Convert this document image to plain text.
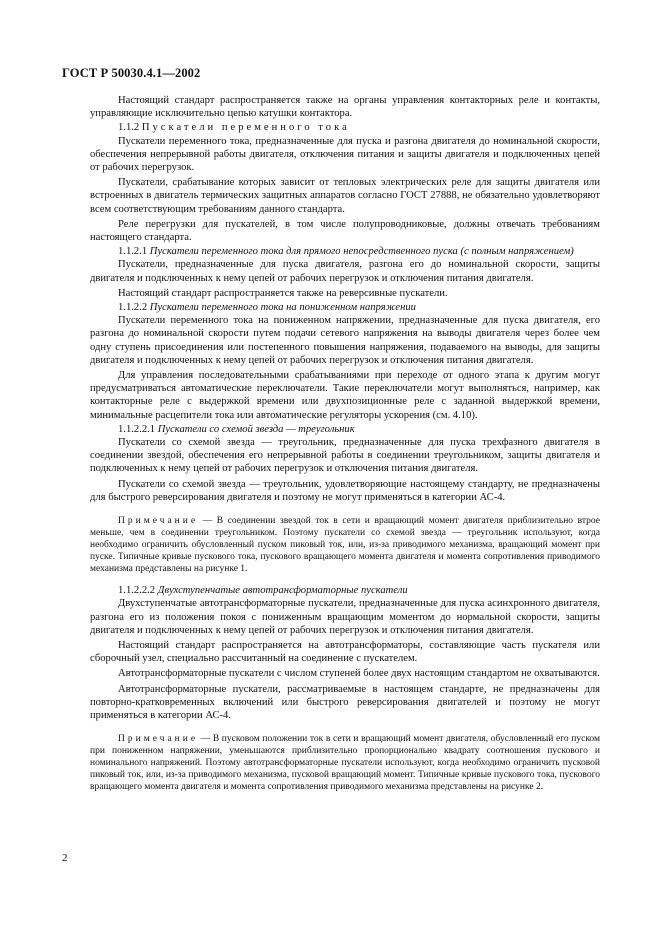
ГОСТ Р 50030.4.1—2002

Настоящий стандарт распространяется также на органы управления контакторных реле и контакты, управляющие исключительно цепью катушки контактора.

1.1.2 Пускатели переменного тока

Пускатели переменного тока, предназначенные для пуска и разгона двигателя до номинальной скорости, обеспечения непрерывной работы двигателя, отключения питания и защиты двигателя и подключенных цепей от рабочих перегрузок.

Пускатели, срабатывание которых зависит от тепловых электрических реле для защиты двигателя или встроенных в двигатель термических защитных аппаратов согласно ГОСТ 27888, не обязательно удовлетворяют всем соответствующим требованиям данного стандарта.

Реле перегрузки для пускателей, в том числе полупроводниковые, должны отвечать требованиям настоящего стандарта.

1.1.2.1 Пускатели переменного тока для прямого непосредственного пуска (с полным напряжением)

Пускатели, предназначенные для пуска двигателя, разгона его до номинальной скорости, защиты двигателя и подключенных к нему цепей от рабочих перегрузок и отключения питания двигателя.

Настоящий стандарт распространяется также на реверсивные пускатели.

1.1.2.2 Пускатели переменного тока на пониженном напряжении

Пускатели переменного тока на пониженном напряжении, предназначенные для пуска двигателя, его разгона до номинальной скорости путем подачи сетевого напряжения на выводы двигателя через более чем одну ступень присоединения или постепенного повышения напряжения, подаваемого на выводы, для защиты двигателя и подключенных к нему цепей от рабочих перегрузок и отключения питания двигателя.

Для управления последовательными срабатываниями при переходе от одного этапа к другим могут предусматриваться автоматические переключатели. Такие переключатели могут выполняться, например, как контакторные реле с выдержкой времени или двухпозиционные реле с заданной выдержкой времени, минимальные расцепители тока или автоматические регуляторы ускорения (см. 4.10).

1.1.2.2.1 Пускатели со схемой звезда — треугольник

Пускатели со схемой звезда — треугольник, предназначенные для пуска трехфазного двигателя в соединении звездой, обеспечения его непрерывной работы в соединении треугольником, защиты двигателя и подключенных к нему цепей от рабочих перегрузок и отключения питания двигателя.

Пускатели со схемой звезда — треугольник, удовлетворяющие настоящему стандарту, не предназначены для быстрого реверсирования двигателя и поэтому не могут применяться в категории АС-4.

Примечание — В соединении звездой ток в сети и вращающий момент двигателя приблизительно втрое меньше, чем в соединении треугольником. Поэтому пускатели со схемой звезда — треугольник используют, когда необходимо ограничить обусловленный пуском пиковый ток, или, из-за приводимого механизма, вращающий момент при пуске. Типичные кривые пускового тока, пускового вращающего момента двигателя и момента сопротивления приводимого механизма представлены на рисунке 1.

1.1.2.2.2 Двухступенчатые автотрансформаторные пускатели

Двухступенчатые автотрансформаторные пускатели, предназначенные для пуска асинхронного двигателя, разгона его из положения покоя с пониженным вращающим моментом до нормальной скорости, защиты двигателя и подключенных к нему цепей от рабочих перегрузок и отключения питания двигателя.

Настоящий стандарт распространяется на автотрансформаторы, составляющие часть пускателя или сборочный узел, специально рассчитанный на соединение с пускателем.

Автотрансформаторные пускатели с числом ступеней более двух настоящим стандартом не охватываются.

Автотрансформаторные пускатели, рассматриваемые в настоящем стандарте, не предназначены для повторно-кратковременных включений или быстрого реверсирования двигателей и поэтому не могут применяться в категории АС-4.

Примечание — В пусковом положении ток в сети и вращающий момент двигателя, обусловленный его пуском при пониженном напряжении, уменьшаются приблизительно пропорционально квадрату соотношения пускового и номинального напряжений. Поэтому автотрансформаторные пускатели используют, когда необходимо ограничить пусковой пиковый ток, или, из-за приводимого механизма, пусковой вращающий момент. Типичные кривые пускового тока, пускового вращающего момента двигателя и момента сопротивления приводимого механизма представлены на рисунке 2.

2
